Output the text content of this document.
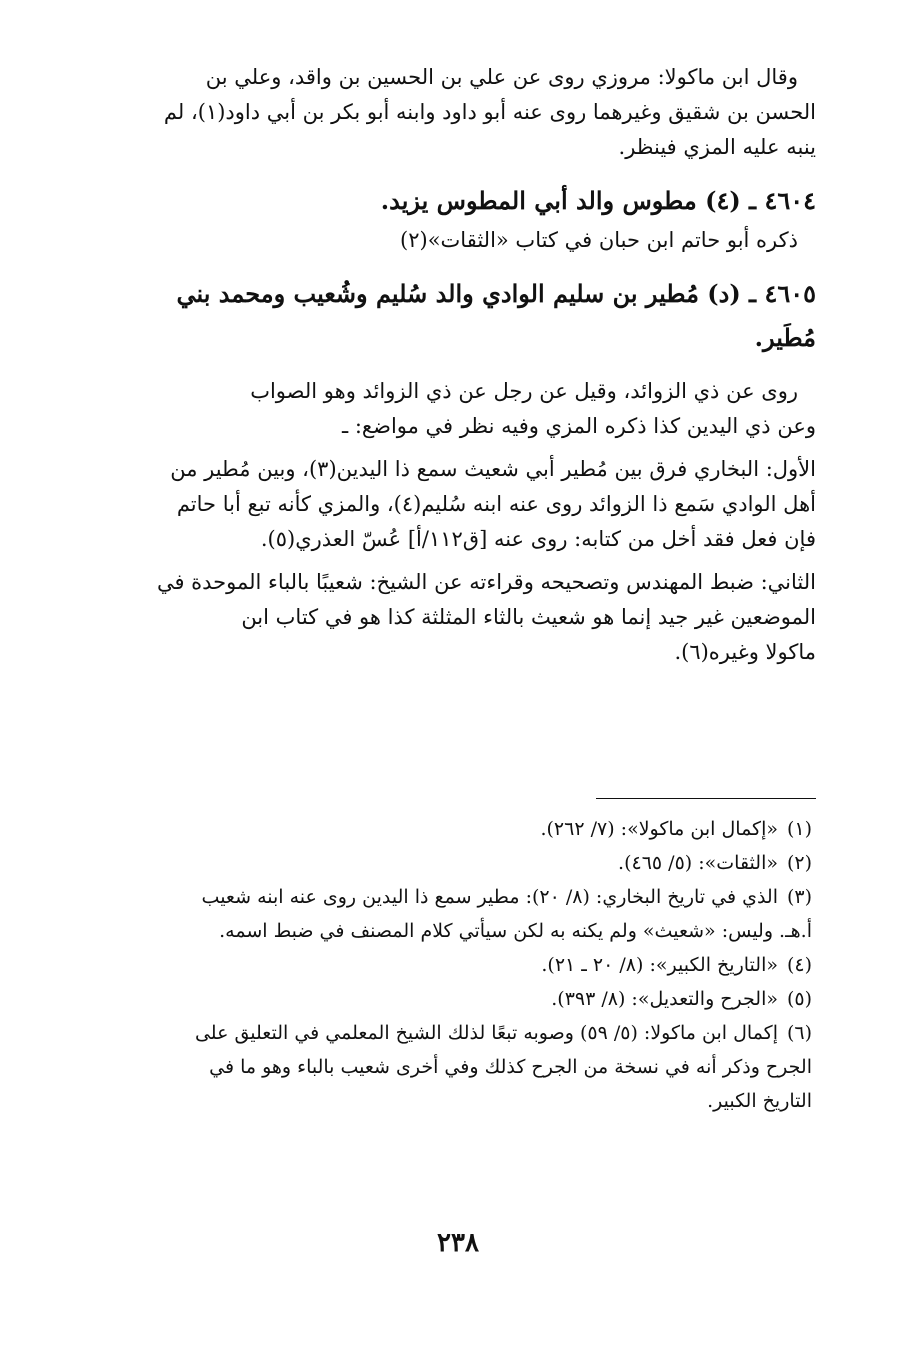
وقال ابن ماكولا: مروزي روى عن علي بن الحسين بن واقد، وعلي بن

الحسن بن شقيق وغيرهما روى عنه أبو داود وابنه أبو بكر بن أبي داود(١)، لم

ينبه عليه المزي فينظر.

٤٦٠٤ ـ (٤) مطوس والد أبي المطوس يزيد.

ذكره أبو حاتم ابن حبان في كتاب «الثقات»(٢)

٤٦٠٥ ـ (د) مُطير بن سليم الوادي والد سُليم وشُعيب ومحمد بني

مُطَير.

روى عن ذي الزوائد، وقيل عن رجل عن ذي الزوائد وهو الصواب

وعن ذي اليدين كذا ذكره المزي وفيه نظر في مواضع: ـ

الأول: البخاري فرق بين مُطير أبي شعيث سمع ذا اليدين(٣)، وبين مُطير من

أهل الوادي سَمع ذا الزوائد روى عنه ابنه سُليم(٤)، والمزي كأنه تبع أبا حاتم

فإن فعل فقد أخل من كتابه: روى عنه [ق١١٢/أ] عُسّ العذري(٥).

الثاني: ضبط المهندس وتصحيحه وقراءته عن الشيخ: شعيبًا بالباء الموحدة في

الموضعين غير جيد إنما هو شعيث بالثاء المثلثة كذا هو في كتاب ابن

ماكولا وغيره(٦).

(١)«إكمال ابن ماكولا»: (٧/ ٢٦٢).

(٢)«الثقات»: (٥/ ٤٦٥).

(٣)الذي في تاريخ البخاري: (٨/ ٢٠): مطير سمع ذا اليدين روى عنه ابنه شعيب

أ.هـ. وليس: «شعيث» ولم يكنه به لكن سيأتي كلام المصنف في ضبط اسمه.

(٤)«التاريخ الكبير»: (٨/ ٢٠ ـ ٢١).

(٥)«الجرح والتعديل»: (٨/ ٣٩٣).

(٦)إكمال ابن ماكولا: (٥/ ٥٩) وصوبه تبعًا لذلك الشيخ المعلمي في التعليق على

الجرح وذكر أنه في نسخة من الجرح كذلك وفي أخرى شعيب بالباء وهو ما في

التاريخ الكبير.

٢٣٨
